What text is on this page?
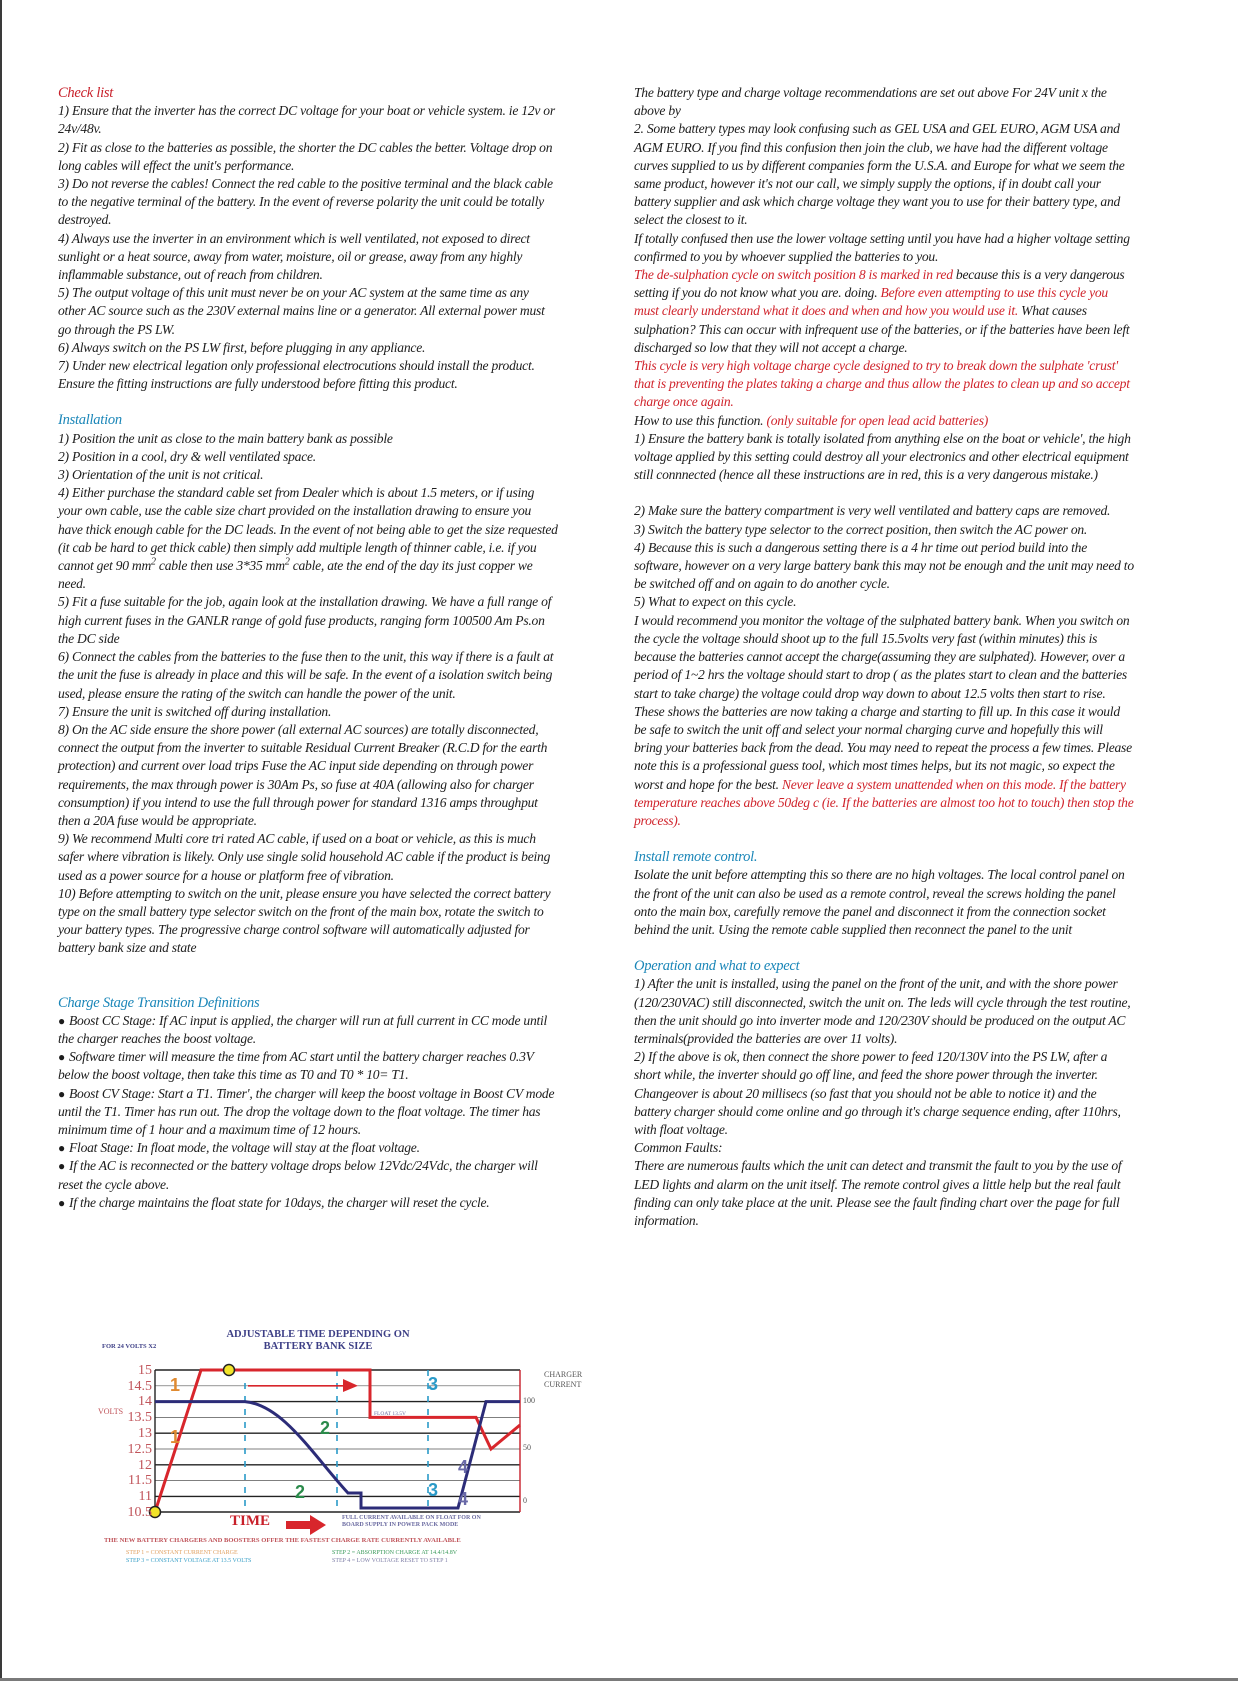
Check list

1) Ensure that the inverter has the correct DC voltage for your boat or vehicle system. ie 12v or 24v/48v.

2) Fit as close to the batteries as possible, the shorter the DC cables the better. Voltage drop on long cables will effect the unit's performance.

3) Do not reverse the cables! Connect the red cable to the positive terminal and the black cable to the negative terminal of the battery. In the event of reverse polarity the unit could be totally destroyed.

4) Always use the inverter in an environment which is well ventilated, not exposed to direct sunlight or a heat source, away from water, moisture, oil or grease, away from any highly inflammable substance, out of reach from children.

5) The output voltage of this unit must never be on your AC system at the same time as any other AC source such as the 230V external mains line or a generator. All external power must go through the PS LW.

6) Always switch on the PS LW first, before plugging in any appliance.

7) Under new electrical legation only professional electrocutions should install the product. Ensure the fitting instructions are fully understood before fitting this product.

Installation

1) Position the unit as close to the main battery bank as possible

2) Position in a cool, dry & well ventilated space.

3) Orientation of the unit is not critical.

4) Either purchase the standard cable set from Dealer which is about 1.5 meters, or if using your own cable, use the cable size chart provided on the installation drawing to ensure you have thick enough cable for the DC leads. In the event of not being able to get the size requested (it cab be hard to get thick cable) then simply add multiple length of thinner cable, i.e. if you cannot get 90 $mm^2$ cable then use 3*35 $mm^2$ cable, ate the end of the day its just copper we need.

5) Fit a fuse suitable for the job, again look at the installation drawing. We have a full range of high current fuses in the GANLR range of gold fuse products, ranging form 100500 Am Ps.on the DC side

6) Connect the cables from the batteries to the fuse then to the unit, this way if there is a fault at the unit the fuse is already in place and this will be safe. In the event of a isolation switch being used, please ensure the rating of the switch can handle the power of the unit.

7) Ensure the unit is switched off during installation.

8) On the AC side ensure the shore power (all external AC sources) are totally disconnected, connect the output from the inverter to suitable Residual Current Breaker (R.C.D for the earth protection) and current over load trips Fuse the AC input side depending on through power requirements, the max through power is 30Am Ps, so fuse at 40A (allowing also for charger consumption) if you intend to use the full through power for standard 1316 amps throughput then a 20A fuse would be appropriate.

9) We recommend Multi core tri rated AC cable, if used on a boat or vehicle, as this is much safer where vibration is likely. Only use single solid household AC cable if the product is being used as a power source for a house or platform free of vibration.

10) Before attempting to switch on the unit, please ensure you have selected the correct battery type on the small battery type selector switch on the front of the main box, rotate the switch to your battery types. The progressive charge control software will automatically adjusted for battery bank size and state

Charge Stage Transition Definitions

● Boost CC Stage: If AC input is applied, the charger will run at full current in CC mode until the charger reaches the boost voltage.

● Software timer will measure the time from AC start until the battery charger reaches 0.3V below the boost voltage, then take this time as T0 and T0 * 10= T1.

● Boost CV Stage: Start a T1. Timer', the charger will keep the boost voltage in Boost CV mode until the T1. Timer has run out. The drop the voltage down to the float voltage. The timer has minimum time of 1 hour and a maximum time of 12 hours.

● Float Stage: In float mode, the voltage will stay at the float voltage.

● If the AC is reconnected or the battery voltage drops below 12Vdc/24Vdc, the charger will reset the cycle above.

● If the charge maintains the float state for 10days, the charger will reset the cycle.

FLOAT 13.5V
ADJUSTABLE TIME DEPENDING ON BATTERY BANK SIZE
FOR 24 VOLTS X2
15
14.5
14
13.5
13
12.5
12
11.5
11
10.5
VOLTS
100
50
0
CHARGER CURRENT
1
1	2
2
3
3
4
4
TIME	FULL CURRENT AVAILABLE ON FLOAT FOR ON BOARD SUPPLY IN POWER PACK MODE
THE NEW BATTERY CHARGERS AND BOOSTERS OFFER THE FASTEST CHARGE RATE CURRENTLY AVAILABLE
STEP 1 = CONSTANT CURRENT CHARGE
STEP 3 = CONSTANT VOLTAGE AT 13.5 VOLTS
STEP 2 = ABSORPTION CHARGE AT 14.4/14.8V
STEP 4 = LOW VOLTAGE RESET TO STEP 1

The battery type and charge voltage recommendations are set out above For 24V unit x the above by

2. Some battery types may look confusing such as GEL USA and GEL EURO, AGM USA and AGM EURO. If you find this confusion then join the club, we have had the different voltage curves supplied to us by different companies form the U.S.A. and Europe for what we seem the same product, however it's not our call, we simply supply the options, if in doubt call your battery supplier and ask which charge voltage they want you to use for their battery type, and select the closest to it.

If totally confused then use the lower voltage setting until you have had a higher voltage setting confirmed to you by whoever supplied the batteries to you.

The de-sulphation cycle on switch position 8 is marked in red because this is a very dangerous setting if you do not know what you are. doing. Before even attempting to use this cycle you must clearly understand what it does and when and how you would use it. What causes sulphation? This can occur with infrequent use of the batteries, or if the batteries have been left discharged so low that they will not accept a charge.

This cycle is very high voltage charge cycle designed to try to break down the sulphate 'crust' that is preventing the plates taking a charge and thus allow the plates to clean up and so accept charge once again.

How to use this function. (only suitable for open lead acid batteries)

1) Ensure the battery bank is totally isolated from anything else on the boat or vehicle', the high voltage applied by this setting could destroy all your electronics and other electrical equipment still connnected (hence all these instructions are in red, this is a very dangerous mistake.)

2) Make sure the battery compartment is very well ventilated and battery caps are removed.

3) Switch the battery type selector to the correct position, then switch the AC power on.

4) Because this is such a dangerous setting there is a 4 hr time out period build into the software, however on a very large battery bank this may not be enough and the unit may need to be switched off and on again to do another cycle.

5) What to expect on this cycle.

I would recommend you monitor the voltage of the sulphated battery bank. When you switch on the cycle the voltage should shoot up to the full 15.5volts very fast (within minutes) this is because the batteries cannot accept the charge(assuming they are sulphated). However, over a period of 1~2 hrs the voltage should start to drop ( as the plates start to clean and the batteries start to take charge) the voltage could drop way down to about 12.5 volts then start to rise. These shows the batteries are now taking a charge and starting to fill up. In this case it would be safe to switch the unit off and select your normal charging curve and hopefully this will bring your batteries back from the dead. You may need to repeat the process a few times. Please note this is a professional guess tool, which most times helps, but its not magic, so expect the worst and hope for the best. Never leave a system unattended when on this mode. If the battery temperature reaches above 50deg c (ie. If the batteries are almost too hot to touch) then stop the process).

Install remote control.

Isolate the unit before attempting this so there are no high voltages. The local control panel on the front of the unit can also be used as a remote control, reveal the screws holding the panel onto the main box, carefully remove the panel and disconnect it from the connection socket behind the unit. Using the remote cable supplied then reconnect the panel to the unit

Operation and what to expect

1) After the unit is installed, using the panel on the front of the unit, and with the shore power (120/230VAC) still disconnected, switch the unit on. The leds will cycle through the test routine, then the unit should go into inverter mode and 120/230V should be produced on the output AC terminals(provided the batteries are over 11 volts).

2) If the above is ok, then connect the shore power to feed 120/130V into the PS LW, after a short while, the inverter should go off line, and feed the shore power through the inverter. Changeover is about 20 millisecs (so fast that you should not be able to notice it) and the battery charger should come online and go through it's charge sequence ending, after 110hrs, with float voltage.

Common Faults:

There are numerous faults which the unit can detect and transmit the fault to you by the use of LED lights and alarm on the unit itself. The remote control gives a little help but the real fault finding can only take place at the unit. Please see the fault finding chart over the page for full information.
